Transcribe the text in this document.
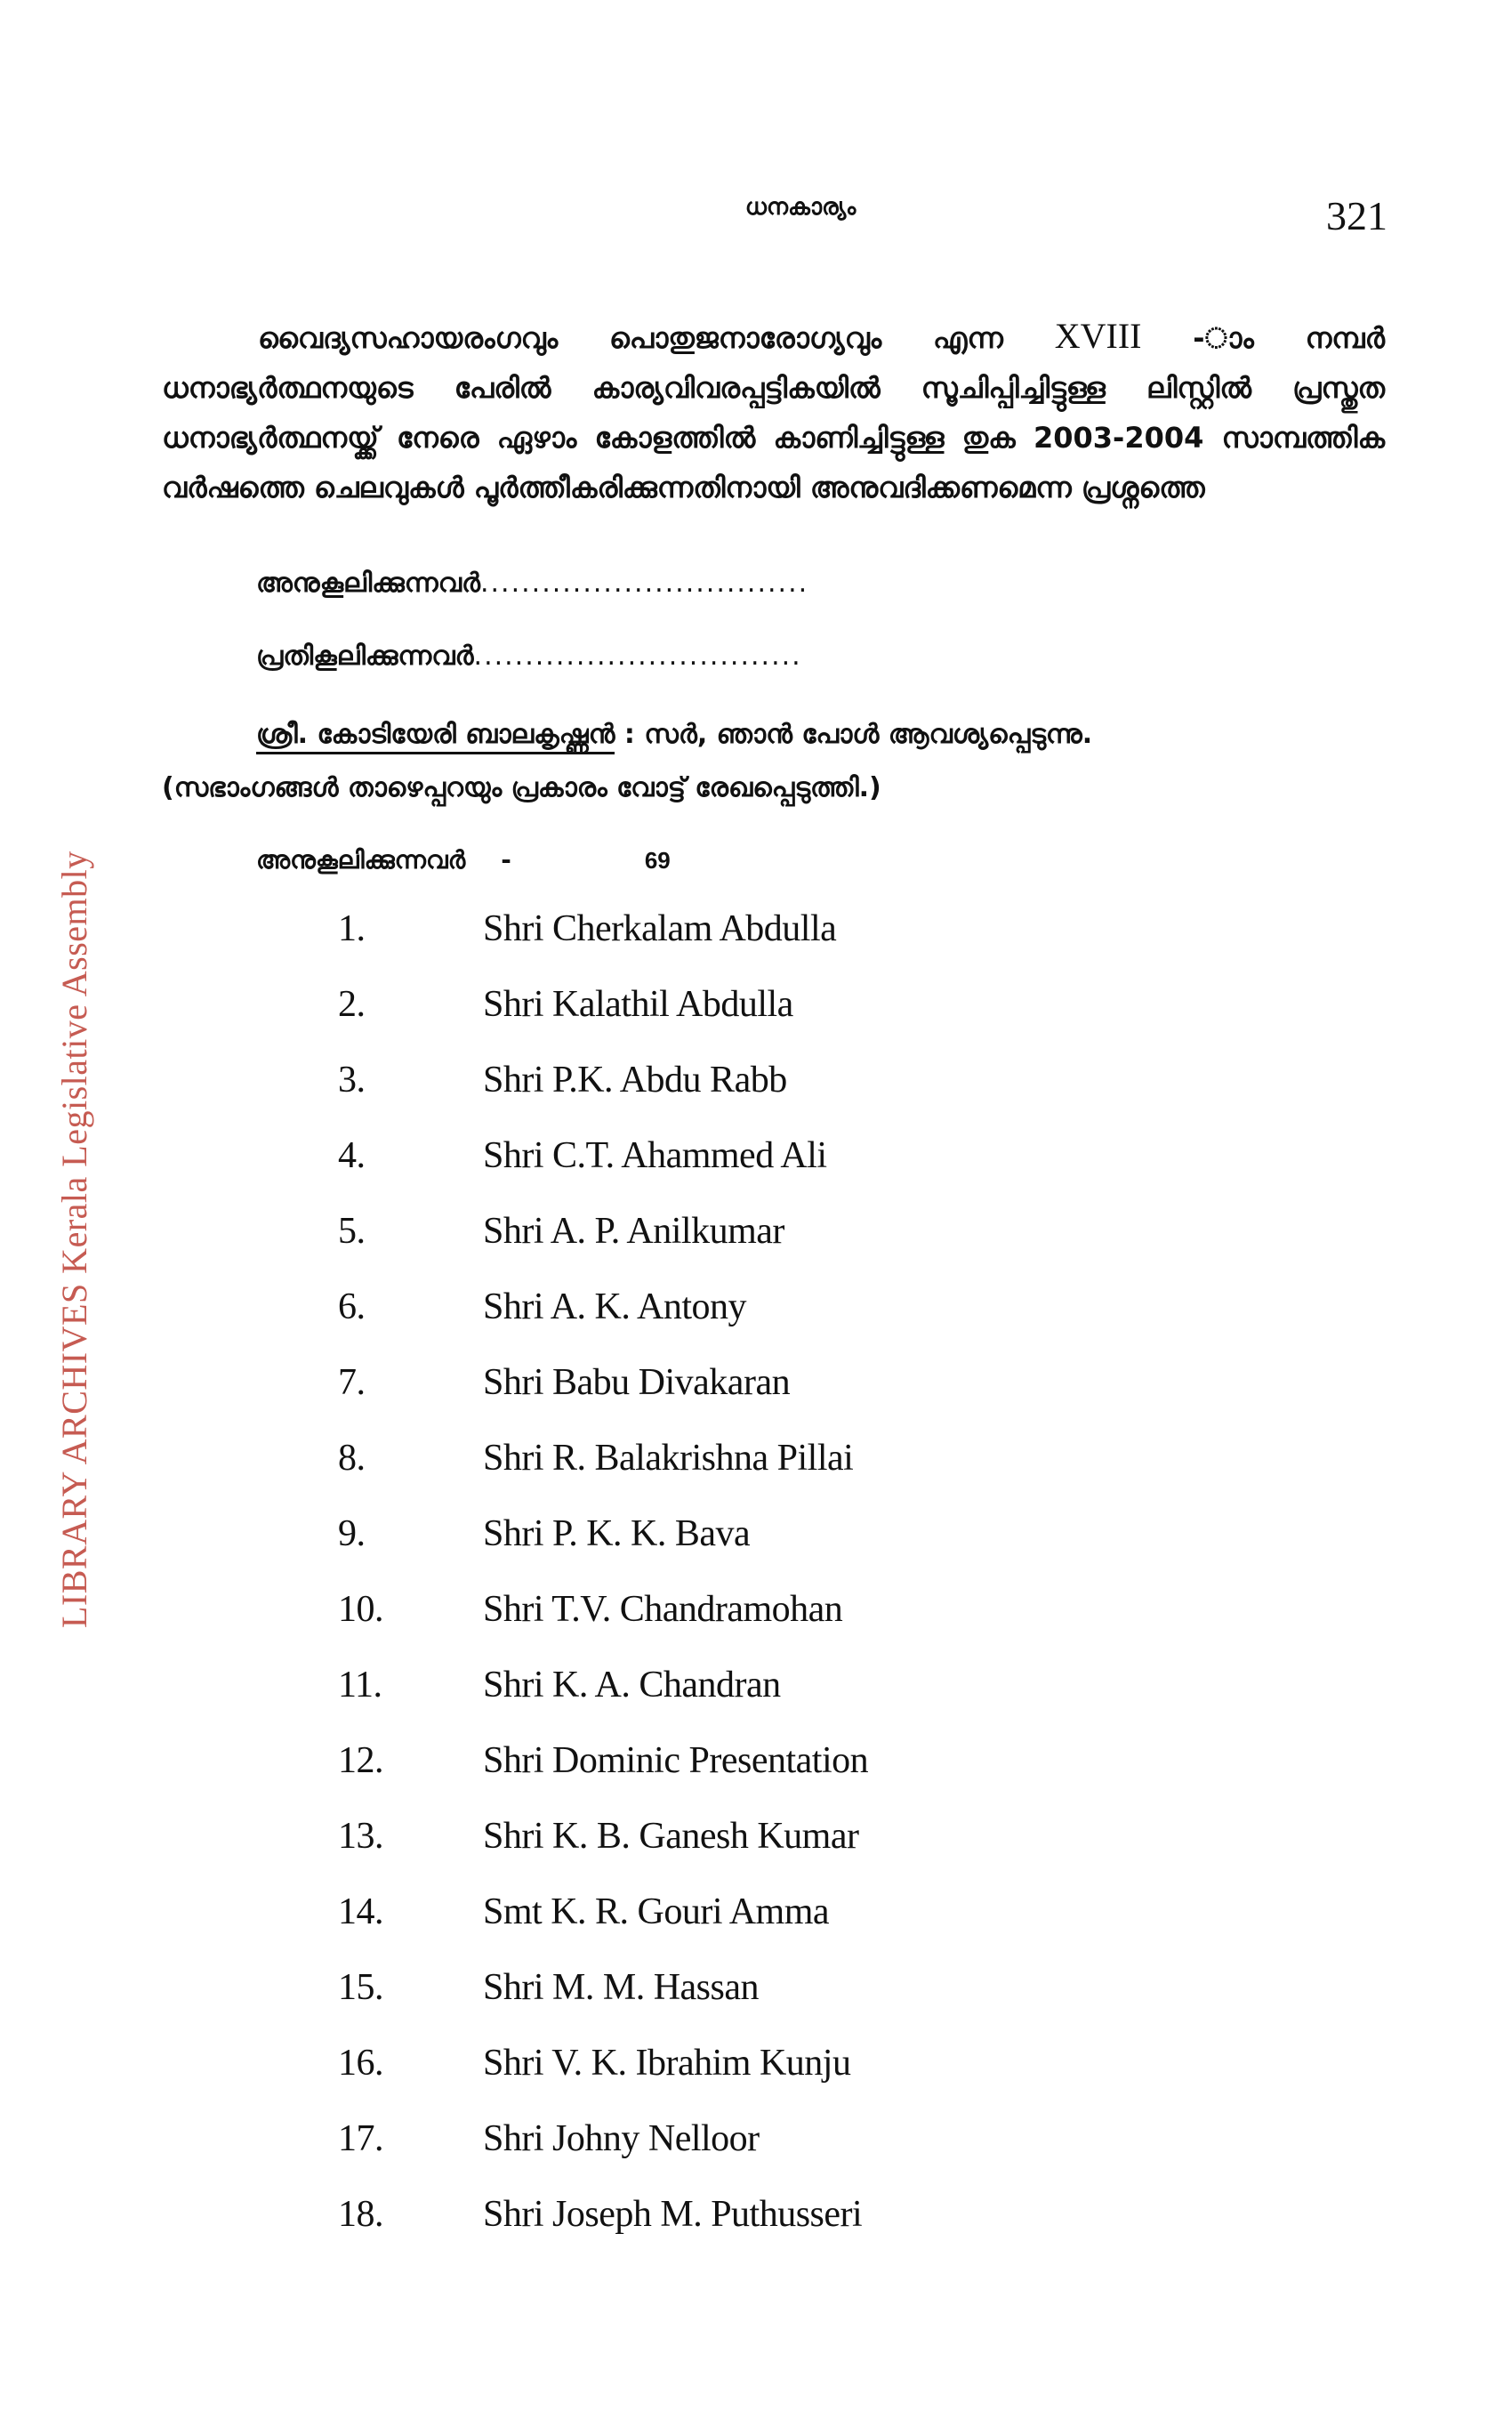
LIBRARY ARCHIVES Kerala Legislative Assembly
ധനകാര്യം	321

വൈദ്യസഹായരംഗവും പൊതുജനാരോഗ്യവും എന്ന XVIII -ാം നമ്പർ ധനാഭ്യർത്ഥനയുടെ പേരിൽ കാര്യവിവരപ്പട്ടികയിൽ സൂചിപ്പിച്ചിട്ടുള്ള ലിസ്റ്റിൽ പ്രസ്തുത ധനാഭ്യർത്ഥനയ്ക്ക് നേരെ ഏഴാം കോളത്തിൽ കാണിച്ചിട്ടുള്ള തുക 2003-2004 സാമ്പത്തിക വർഷത്തെ ചെലവുകൾ പൂർത്തീകരിക്കുന്നതിനായി അനുവദിക്കണമെന്ന പ്രശ്നത്തെ

അനുകൂലിക്കുന്നവർ................................
പ്രതികൂലിക്കുന്നവർ................................
ശ്രീ. കോടിയേരി ബാലകൃഷ്ണൻ : സർ, ഞാൻ പോൾ ആവശ്യപ്പെടുന്നു.
(സഭാംഗങ്ങൾ താഴെപ്പറയും പ്രകാരം വോട്ട് രേഖപ്പെടുത്തി.)
അനുകൂലിക്കുന്നവർ -	69
1.	Shri Cherkalam Abdulla
2.	Shri Kalathil Abdulla
3.	Shri P.K. Abdu Rabb
4.	Shri C.T. Ahammed Ali
5.	Shri A. P. Anilkumar
6.	Shri A. K. Antony
7.	Shri Babu Divakaran
8.	Shri R. Balakrishna Pillai
9.	Shri P. K. K. Bava
10.	Shri T.V. Chandramohan
11.	Shri K. A. Chandran
12.	Shri Dominic Presentation
13.	Shri K. B. Ganesh Kumar
14.	Smt K. R. Gouri Amma
15.	Shri M. M. Hassan
16.	Shri V. K. Ibrahim Kunju
17.	Shri Johny Nelloor
18.	Shri Joseph M. Puthusseri
